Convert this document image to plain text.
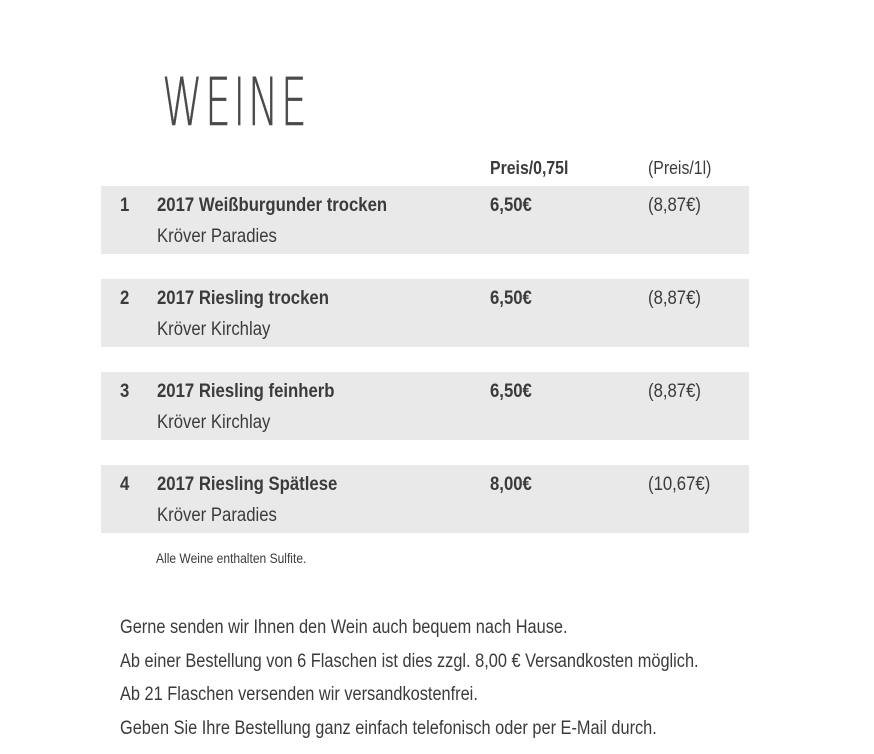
WEINE
Preis/0,75l	(Preis/1l)
1 2017 Weißburgunder trocken
Kröver Paradies
6,50€	(8,87€)
2 2017 Riesling trocken
Kröver Kirchlay
6,50€	(8,87€)
3 2017 Riesling feinherb
Kröver Kirchlay
6,50€	(8,87€)
4 2017 Riesling Spätlese
Kröver Paradies
8,00€	(10,67€)
Alle Weine enthalten Sulfite.
Gerne senden wir Ihnen den Wein auch bequem nach Hause.
Ab einer Bestellung von 6 Flaschen ist dies zzgl. 8,00 € Versandkosten möglich.
Ab 21 Flaschen versenden wir versandkostenfrei.
Geben Sie Ihre Bestellung ganz einfach telefonisch oder per E-Mail durch.
